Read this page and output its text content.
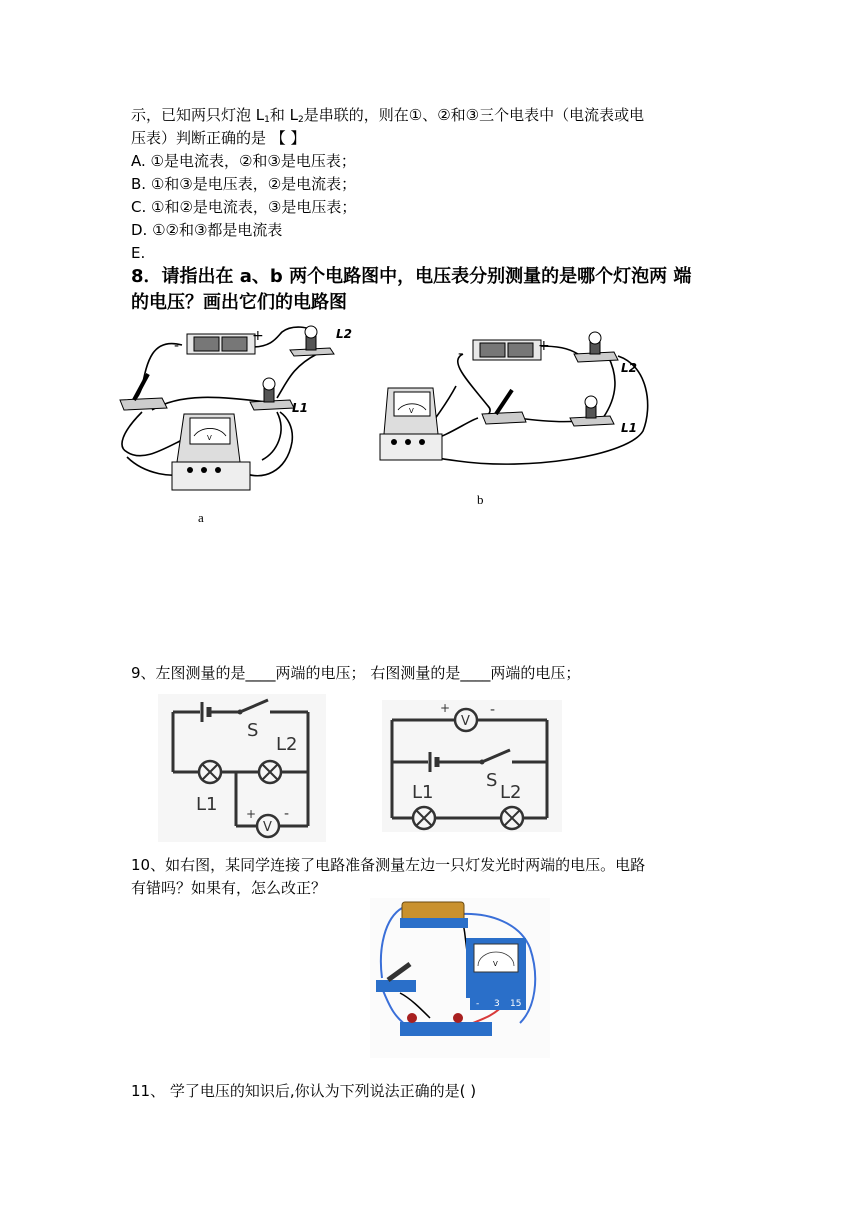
示，已知两只灯泡 $L_1$和 $L_2$是串联的，则在①、②和③三个电表中（电流表或电
压表）判断正确的是 【 】
A. ①是电流表，②和③是电压表；
B. ①和③是电压表，②是电流表；
C. ①和②是电流表，③是电压表；
D. ①②和③都是电流表
E.
8．请指出在 a、b 两个电路图中，电压表分别测量的是哪个灯泡两 端
的电压？画出它们的电路图
-
+	L2
L1
V
a
-	+
L2
L1
V
b
9、左图测量的是____两端的电压； 右图测量的是____两端的电压；
S
L2
L1
V
+ -
V
+	-
S
L1	L2
10、如右图，某同学连接了电路准备测量左边一只灯发光时两端的电压。电路
有错吗？如果有，怎么改正？
V
- 3 15
11、 学了电压的知识后,你认为下列说法正确的是( )
